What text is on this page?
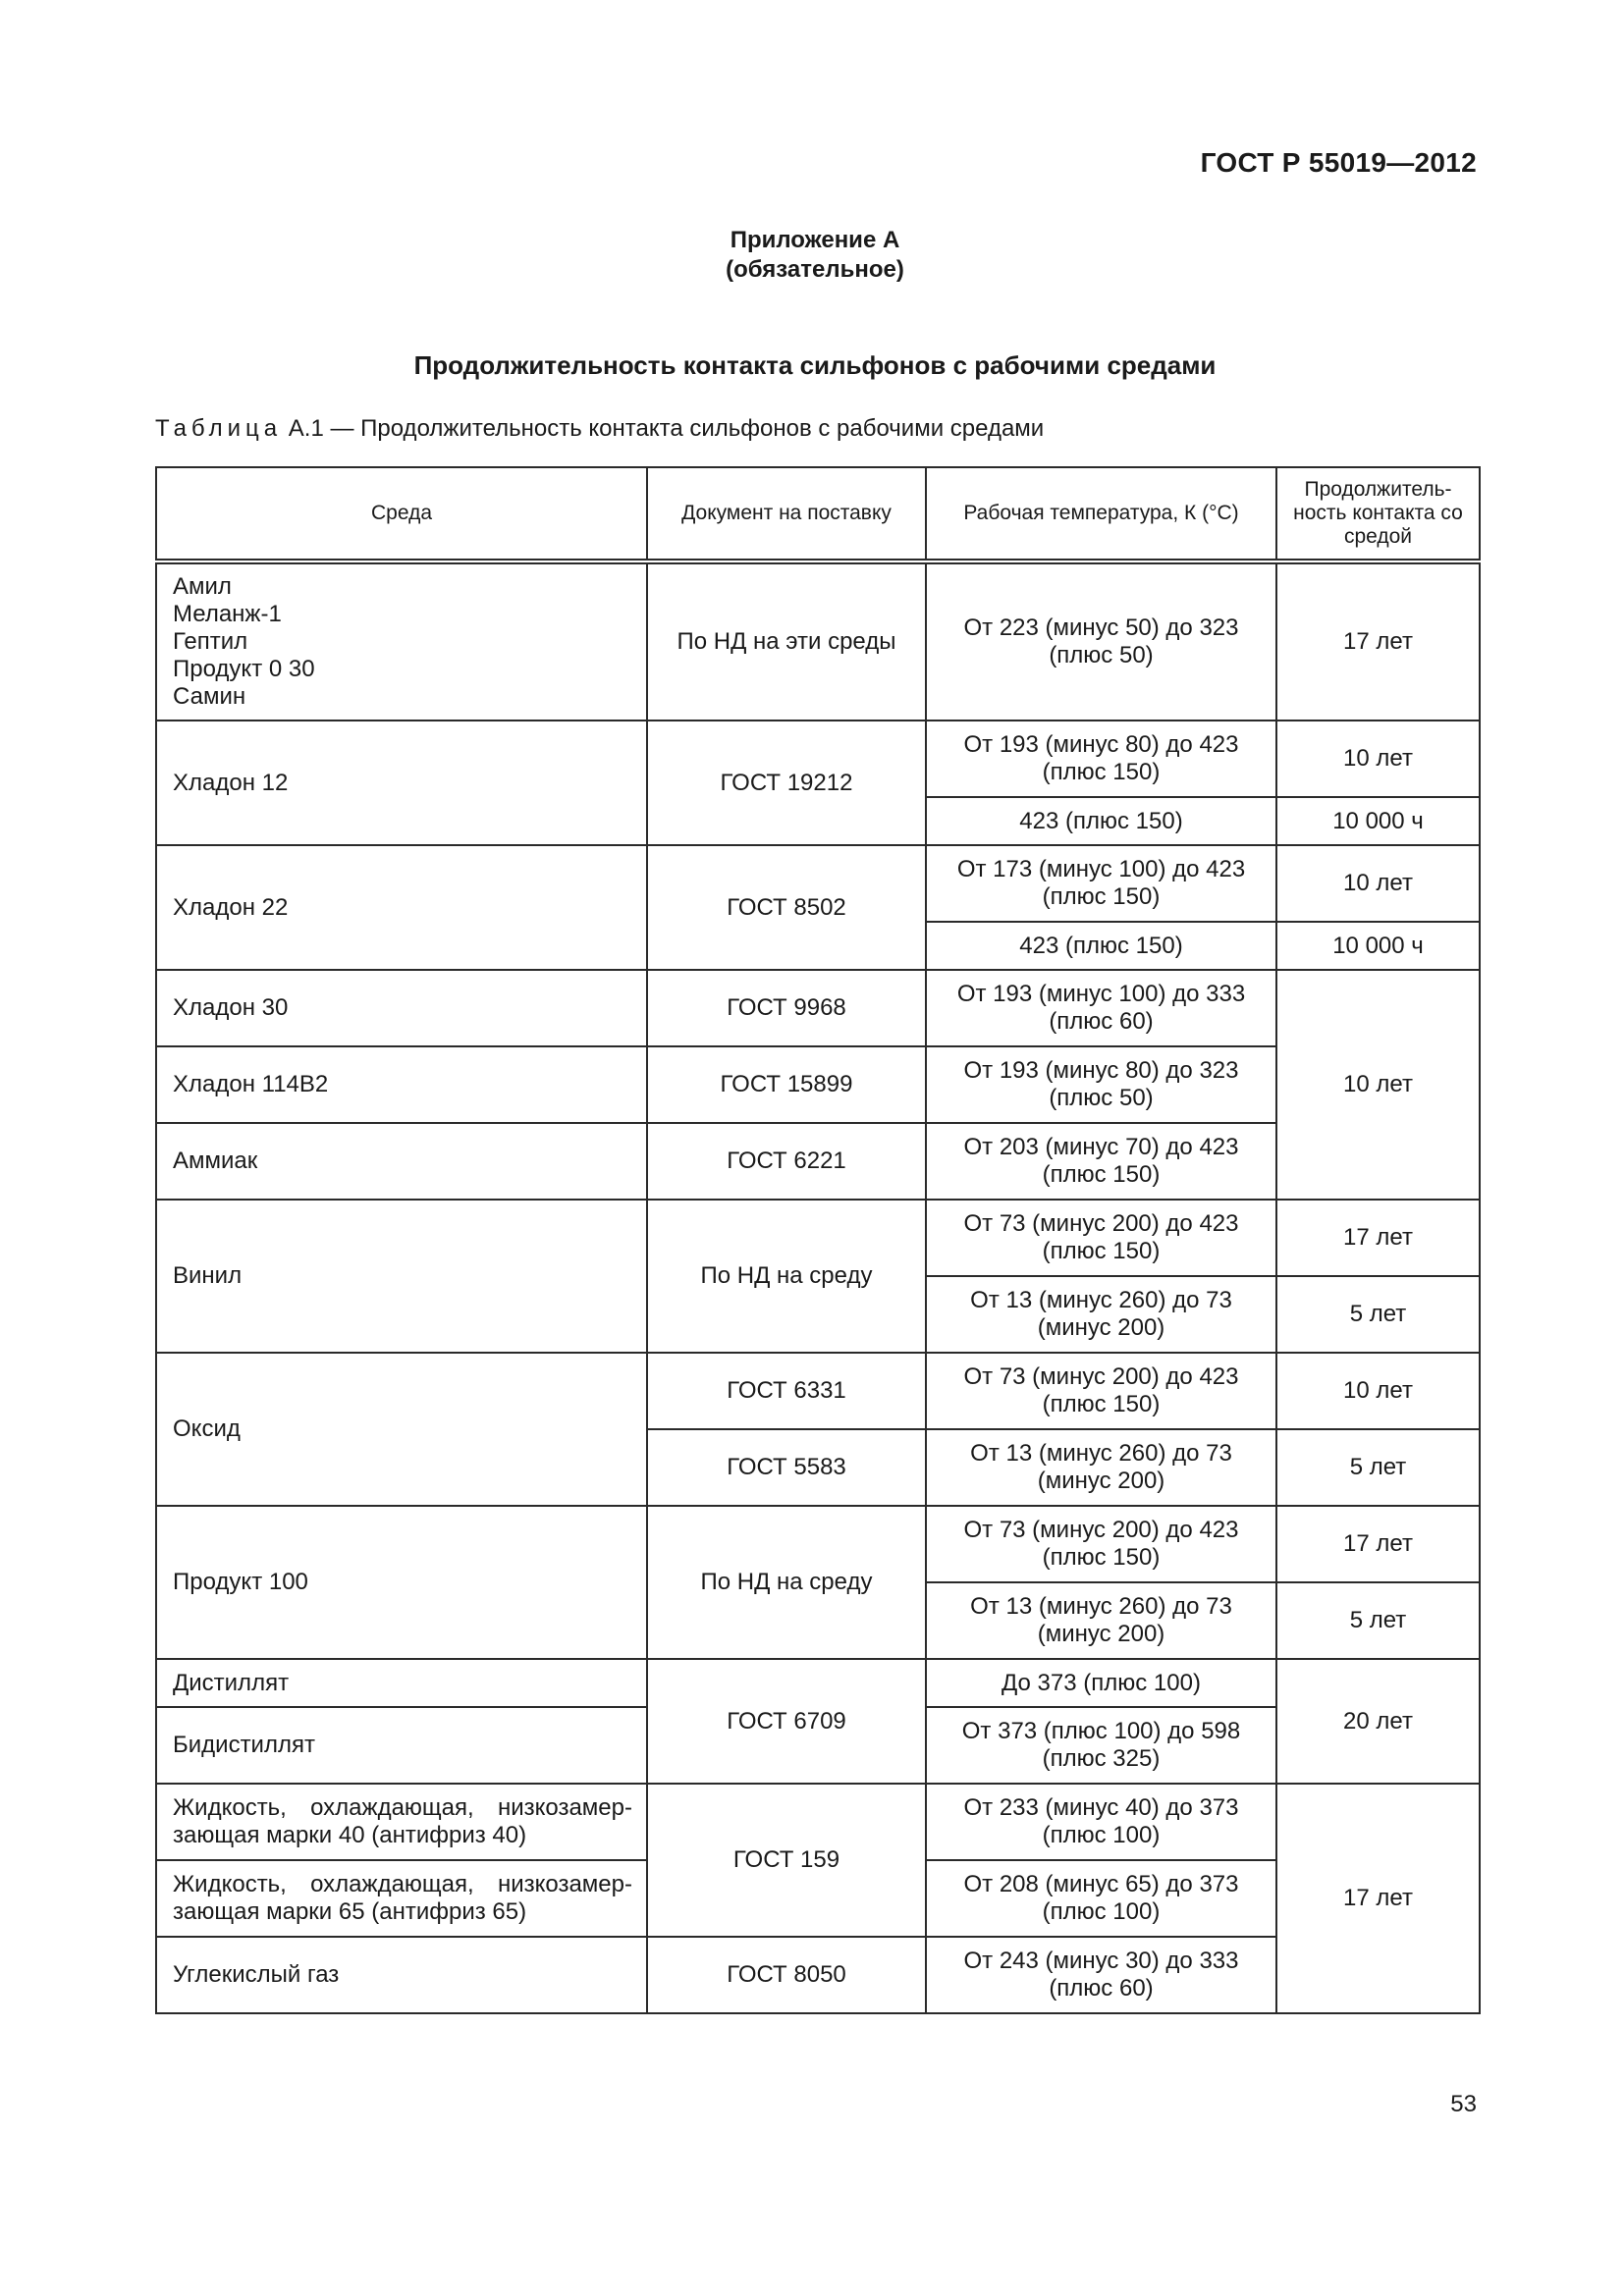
ГОСТ Р 55019—2012
Приложение А
(обязательное)
Продолжительность контакта сильфонов с рабочими средами
Таблица А.1 — Продолжительность контакта сильфонов с рабочими средами
Среда	Документ на поставку	Рабочая температура, К (°С)	Продолжитель-ность контакта со средой

Амил
Меланж-1
Гептил
Продукт 0 30
Самин	По НД на эти среды	От 223 (минус 50) до 323 (плюс 50)	17 лет
Хладон 12	ГОСТ 19212	От 193 (минус 80) до 423 (плюс 150)	10 лет
		423 (плюс 150)	10 000 ч
Хладон 22	ГОСТ 8502	От 173 (минус 100) до 423 (плюс 150)	10 лет
		423 (плюс 150)	10 000 ч
Хладон 30	ГОСТ 9968	От 193 (минус 100) до 333 (плюс 60)	10 лет
Хладон 114В2	ГОСТ 15899	От 193 (минус 80) до 323 (плюс 50)	
Аммиак	ГОСТ 6221	От 203 (минус 70) до 423 (плюс 150)	
Винил	По НД на среду	От 73 (минус 200) до 423 (плюс 150)	17 лет
		От 13 (минус 260) до 73 (минус 200)	5 лет
Оксид	ГОСТ 6331	От 73 (минус 200) до 423 (плюс 150)	10 лет
	ГОСТ 5583	От 13 (минус 260) до 73 (минус 200)	5 лет
Продукт 100	По НД на среду	От 73 (минус 200) до 423 (плюс 150)	17 лет
		От 13 (минус 260) до 73 (минус 200)	5 лет
Дистиллят	ГОСТ 6709	До 373 (плюс 100)	20 лет
Бидистиллят		От 373 (плюс 100) до 598 (плюс 325)	
Жидкость, охлаждающая, низкозамер-зающая марки 40 (антифриз 40)	ГОСТ 159	От 233 (минус 40) до 373 (плюс 100)	17 лет
Жидкость, охлаждающая, низкозамер-зающая марки 65 (антифриз 65)		От 208 (минус 65) до 373 (плюс 100)	
Углекислый газ	ГОСТ 8050	От 243 (минус 30) до 333 (плюс 60)	
53
